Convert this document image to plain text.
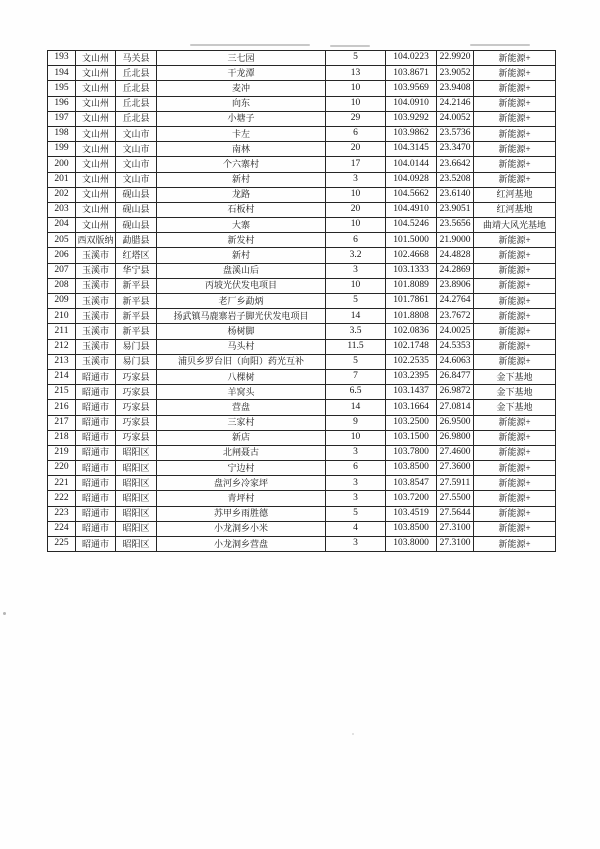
193	文山州	马关县	三七园	5	104.0223	22.9920	新能源+
194	文山州	丘北县	干龙潭	13	103.8671	23.9052	新能源+
195	文山州	丘北县	麦冲	10	103.9569	23.9408	新能源+
196	文山州	丘北县	向东	10	104.0910	24.2146	新能源+
197	文山州	丘北县	小塘子	29	103.9292	24.0052	新能源+
198	文山州	文山市	卡左	6	103.9862	23.5736	新能源+
199	文山州	文山市	南林	20	104.3145	23.3470	新能源+
200	文山州	文山市	个六寨村	17	104.0144	23.6642	新能源+
201	文山州	文山市	新村	3	104.0928	23.5208	新能源+
202	文山州	砚山县	龙路	10	104.5662	23.6140	红河基地
203	文山州	砚山县	石板村	20	104.4910	23.9051	红河基地
204	文山州	砚山县	大寨	10	104.5246	23.5656	曲靖大风光基地
205	西双版纳	勐腊县	新发村	6	101.5000	21.9000	新能源+
206	玉溪市	红塔区	新村	3.2	102.4668	24.4828	新能源+
207	玉溪市	华宁县	盘溪山后	3	103.1333	24.2869	新能源+
208	玉溪市	新平县	丙坡光伏发电项目	10	101.8089	23.8906	新能源+
209	玉溪市	新平县	老厂乡勐炳	5	101.7861	24.2764	新能源+
210	玉溪市	新平县	扬武镇马鹿寨岩子脚光伏发电项目	14	101.8808	23.7672	新能源+
211	玉溪市	新平县	杨树脚	3.5	102.0836	24.0025	新能源+
212	玉溪市	易门县	马头村	11.5	102.1748	24.5353	新能源+
213	玉溪市	易门县	浦贝乡罗台旧（向阳）药光互补	5	102.2535	24.6063	新能源+
214	昭通市	巧家县	八棵树	7	103.2395	26.8477	金下基地
215	昭通市	巧家县	羊窝头	6.5	103.1437	26.9872	金下基地
216	昭通市	巧家县	营盘	14	103.1664	27.0814	金下基地
217	昭通市	巧家县	三家村	9	103.2500	26.9500	新能源+
218	昭通市	巧家县	新店	10	103.1500	26.9800	新能源+
219	昭通市	昭阳区	北闸聂古	3	103.7800	27.4600	新能源+
220	昭通市	昭阳区	宁边村	6	103.8500	27.3600	新能源+
221	昭通市	昭阳区	盘河乡冷家坪	3	103.8547	27.5911	新能源+
222	昭通市	昭阳区	青坪村	3	103.7200	27.5500	新能源+
223	昭通市	昭阳区	苏甲乡雨胜德	5	103.4519	27.5644	新能源+
224	昭通市	昭阳区	小龙洞乡小米	4	103.8500	27.3100	新能源+
225	昭通市	昭阳区	小龙洞乡营盘	3	103.8000	27.3100	新能源+
